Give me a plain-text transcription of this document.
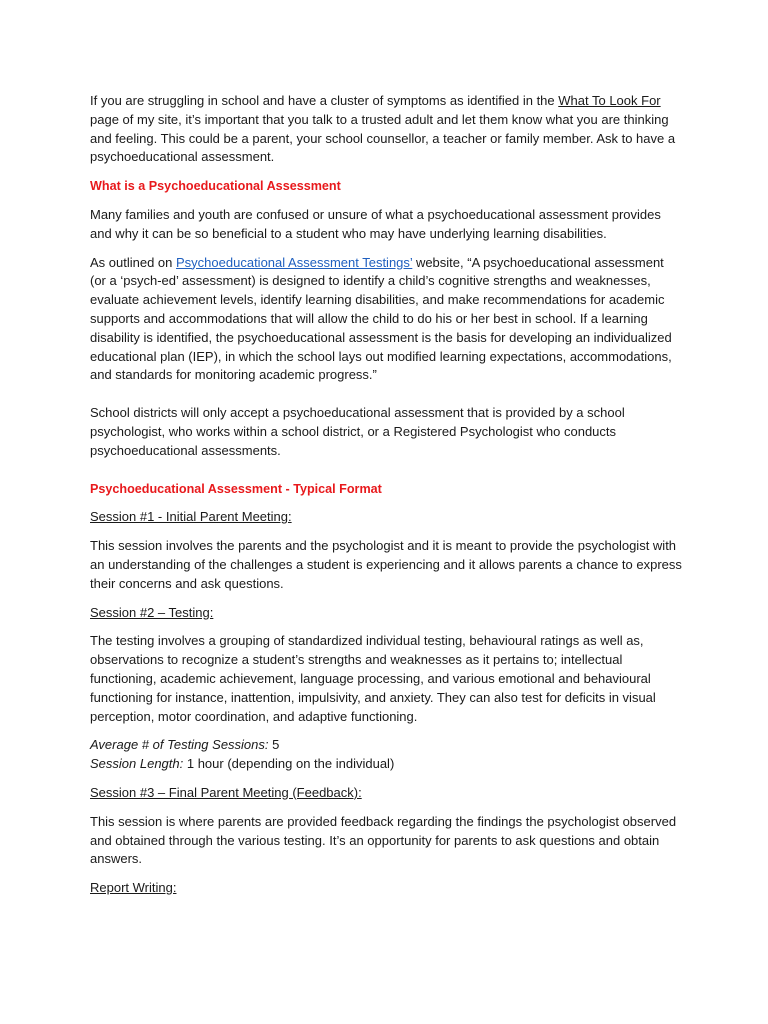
If you are struggling in school and have a cluster of symptoms as identified in the What To Look For page of my site, it’s important that you talk to a trusted adult and let them know what you are thinking and feeling. This could be a parent, your school counsellor, a teacher or family member. Ask to have a psychoeducational assessment.

What is a Psychoeducational Assessment

Many families and youth are confused or unsure of what a psychoeducational assessment provides and why it can be so beneficial to a student who may have underlying learning disabilities.

As outlined on Psychoeducational Assessment Testings’ website, “A psychoeducational assessment (or a ‘psych-ed’ assessment) is designed to identify a child’s cognitive strengths and weaknesses, evaluate achievement levels, identify learning disabilities, and make recommendations for academic supports and accommodations that will allow the child to do his or her best in school. If a learning disability is identified, the psychoeducational assessment is the basis for developing an individualized educational plan (IEP), in which the school lays out modified learning expectations, accommodations, and standards for monitoring academic progress.”

School districts will only accept a psychoeducational assessment that is provided by a school psychologist, who works within a school district, or a Registered Psychologist who conducts psychoeducational assessments.

Psychoeducational Assessment - Typical Format

Session #1 - Initial Parent Meeting:

This session involves the parents and the psychologist and it is meant to provide the psychologist with an understanding of the challenges a student is experiencing and it allows parents a chance to express their concerns and ask questions.

Session #2 – Testing:

The testing involves a grouping of standardized individual testing, behavioural ratings as well as, observations to recognize a student’s strengths and weaknesses as it pertains to; intellectual functioning, academic achievement, language processing, and various emotional and behavioural functioning for instance, inattention, impulsivity, and anxiety. They can also test for deficits in visual perception, motor coordination, and adaptive functioning.

Average # of Testing Sessions: 5

Session Length: 1 hour (depending on the individual)

Session #3 – Final Parent Meeting (Feedback):

This session is where parents are provided feedback regarding the findings the psychologist observed and obtained through the various testing. It’s an opportunity for parents to ask questions and obtain answers.

Report Writing:
